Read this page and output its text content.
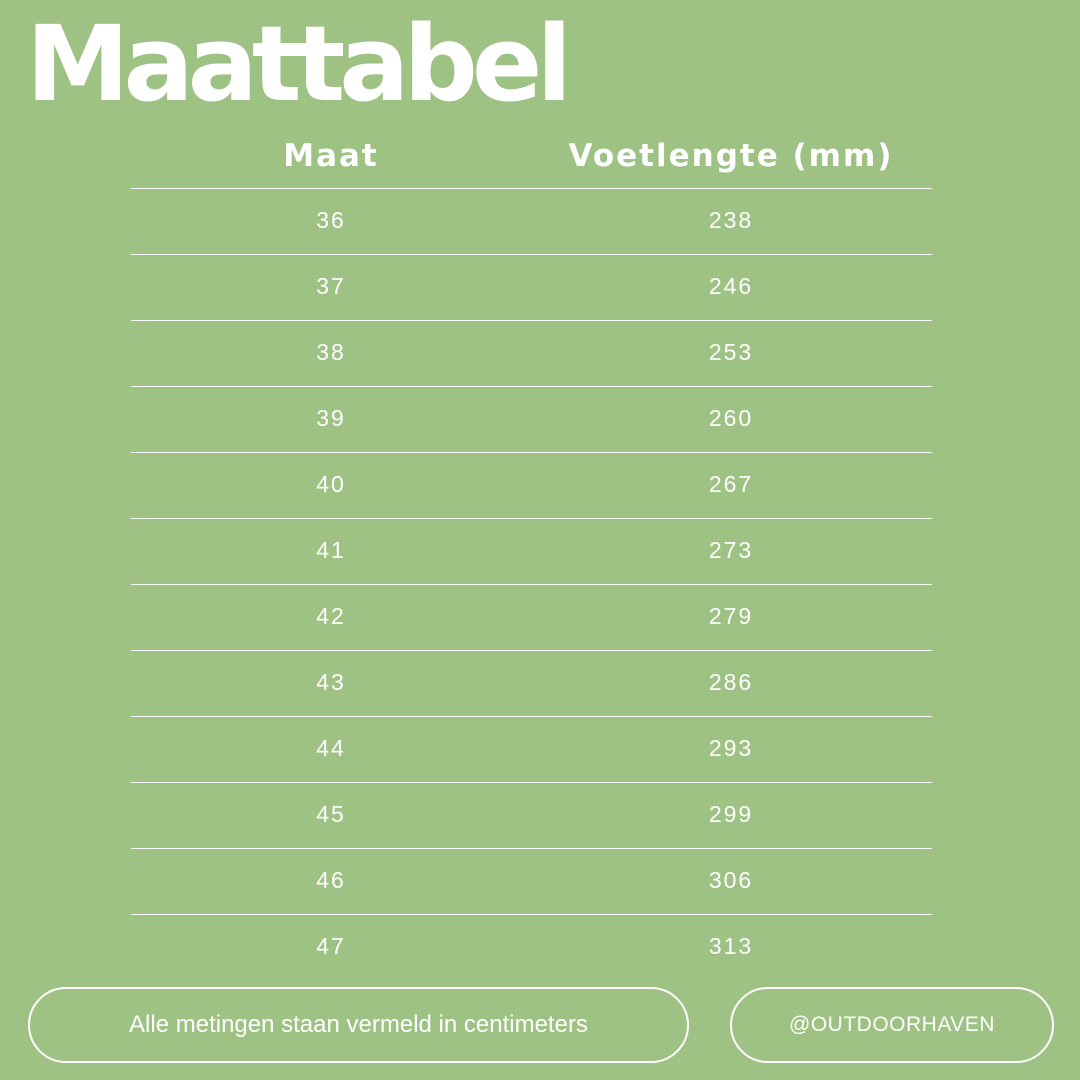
Maattabel
Maat	Voetlengte (mm)
36	238
37	246
38	253
39	260
40	267
41	273
42	279
43	286
44	293
45	299
46	306
47	313
Alle metingen staan vermeld in centimeters	@OUTDOORHAVEN
